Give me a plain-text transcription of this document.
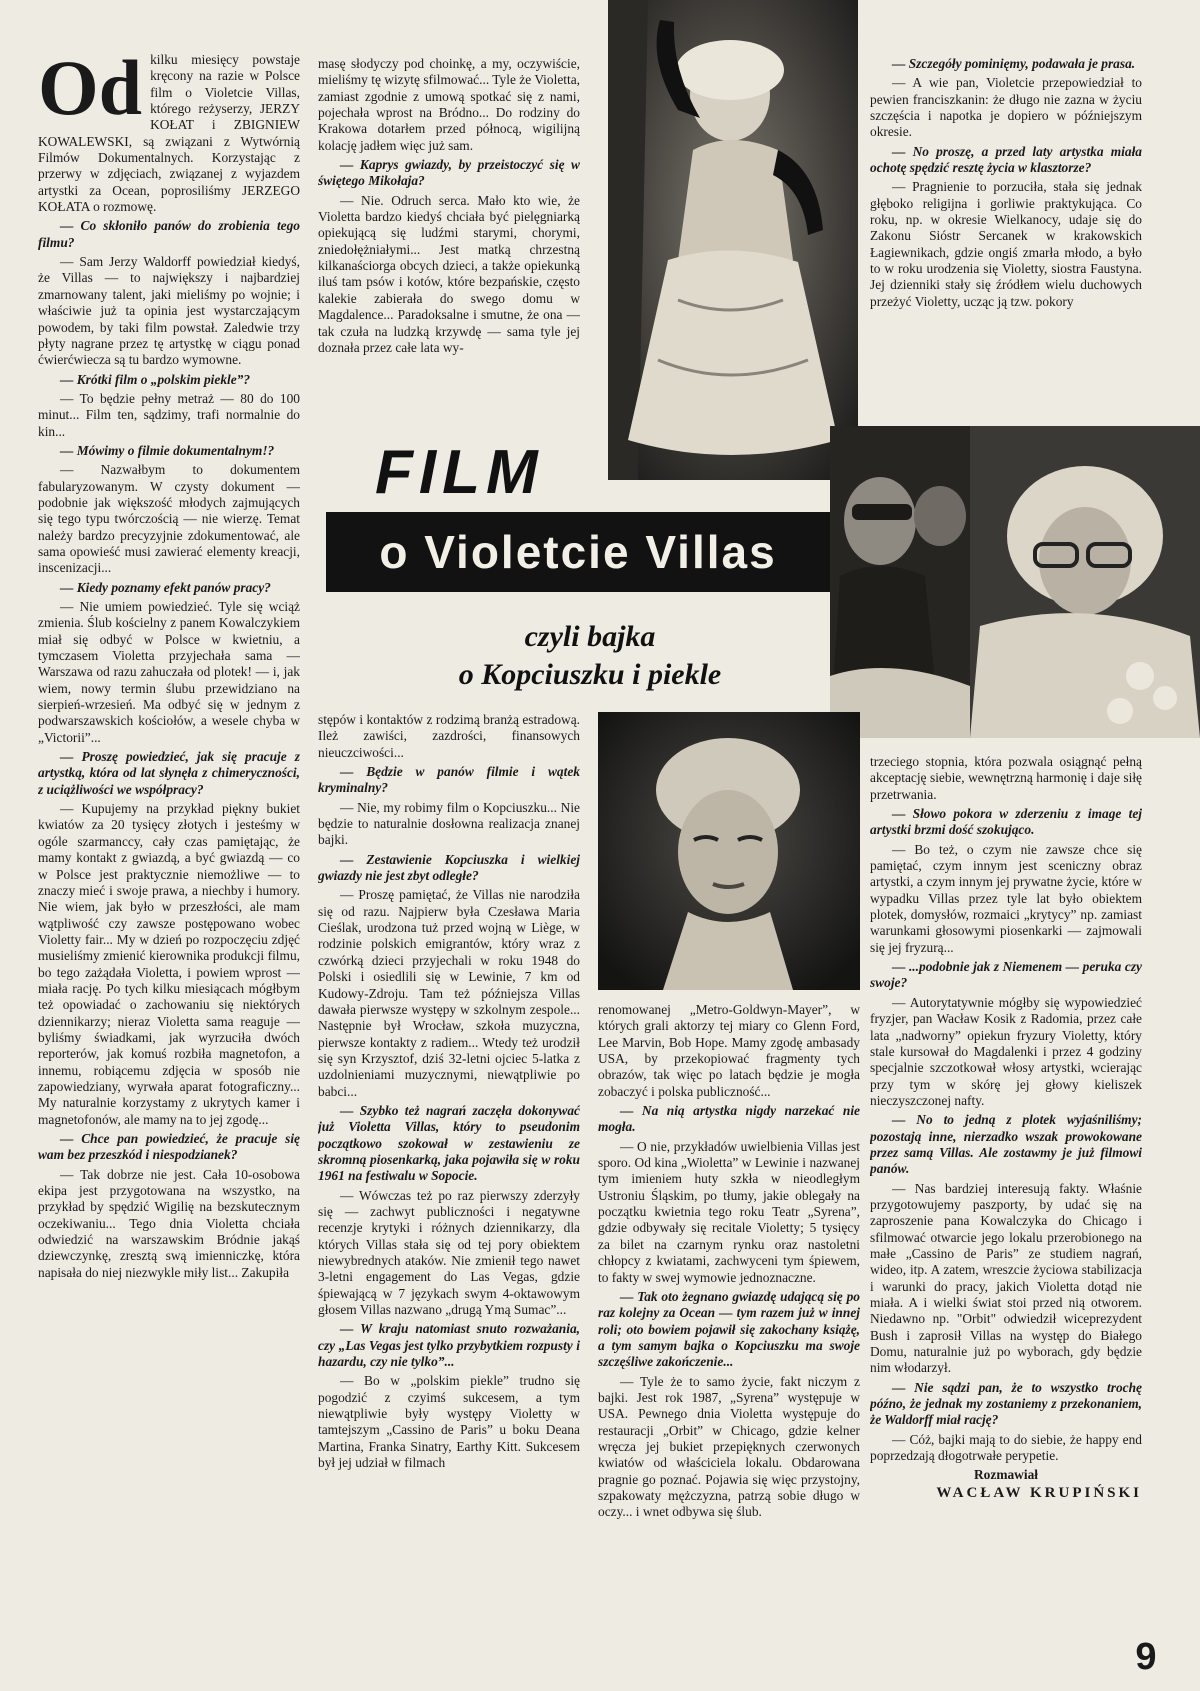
Od kilku miesięcy powstaje kręcony na razie w Polsce film o Violetcie Villas, którego reżyserzy, JERZY KOŁAT i ZBIGNIEW KOWALEWSKI, są związani z Wytwórnią Filmów Dokumentalnych. Korzystając z przerwy w zdjęciach, związanej z wyjazdem artystki za Ocean, poprosiliśmy JERZEGO KOŁATA o rozmowę.

— Co skłoniło panów do zrobienia tego filmu?

— Sam Jerzy Waldorff powiedział kiedyś, że Villas — to największy i najbardziej zmarnowany talent, jaki mieliśmy po wojnie; i właściwie już ta opinia jest wystarczającym powodem, by taki film powstał. Zaledwie trzy płyty nagrane przez tę artystkę w ciągu ponad ćwierćwiecza są tu bardzo wymowne.

— Krótki film o „polskim piekle”?

— To będzie pełny metraż — 80 do 100 minut... Film ten, sądzimy, trafi normalnie do kin...

— Mówimy o filmie dokumentalnym!?

— Nazwałbym to dokumentem fabularyzowanym. W czysty dokument — podobnie jak większość młodych zajmujących się tego typu twórczością — nie wierzę. Temat należy bardzo precyzyjnie zdokumentować, ale sama opowieść musi zawierać elementy kreacji, inscenizacji...

— Kiedy poznamy efekt panów pracy?

— Nie umiem powiedzieć. Tyle się wciąż zmienia. Ślub kościelny z panem Kowalczykiem miał się odbyć w Polsce w kwietniu, a tymczasem Violetta przyjechała sama — Warszawa od razu zahuczała od plotek! — i, jak wiem, nowy termin ślubu przewidziano na sierpień-wrzesień. Ma odbyć się w jednym z podwarszawskich kościołów, a wesele chyba w „Victorii”...

— Proszę powiedzieć, jak się pracuje z artystką, która od lat słynęła z chimeryczności, z uciążliwości we współpracy?

— Kupujemy na przykład piękny bukiet kwiatów za 20 tysięcy złotych i jesteśmy w ogóle szarmanccy, cały czas pamiętając, że mamy kontakt z gwiazdą, a być gwiazdą — co w Polsce jest praktycznie niemożliwe — to znaczy mieć i swoje prawa, a niechby i humory. Nie wiem, jak było w przeszłości, ale mam wątpliwość czy zawsze postępowano wobec Violetty fair... My w dzień po rozpoczęciu zdjęć musieliśmy zmienić kierownika produkcji filmu, bo tego zażądała Violetta, i powiem wprost — miała rację. Po tych kilku miesiącach mógłbym też opowiadać o zachowaniu się niektórych dziennikarzy; nieraz Violetta sama reaguje — byliśmy świadkami, jak wyrzuciła dwóch reporterów, jak komuś rozbiła magnetofon, a innemu, robiącemu zdjęcia w sposób nie zapowiedziany, wyrwała aparat fotograficzny... My naturalnie korzystamy z ukrytych kamer i magnetofonów, ale mamy na to jej zgodę...

— Chce pan powiedzieć, że pracuje się wam bez przeszkód i niespodzianek?

— Tak dobrze nie jest. Cała 10-osobowa ekipa jest przygotowana na wszystko, na przykład by spędzić Wigilię na bezskutecznym oczekiwaniu... Tego dnia Violetta chciała odwiedzić na warszawskim Bródnie jakąś dziewczynkę, zresztą swą imienniczkę, która napisała do niej niezwykle miły list... Zakupiła

masę słodyczy pod choinkę, a my, oczywiście, mieliśmy tę wizytę sfilmować... Tyle że Violetta, zamiast zgodnie z umową spotkać się z nami, pojechała wprost na Bródno... Do rodziny do Krakowa dotarłem przed północą, wigilijną kolację jadłem więc już sam.

— Kaprys gwiazdy, by przeistoczyć się w świętego Mikołaja?

— Nie. Odruch serca. Mało kto wie, że Violetta bardzo kiedyś chciała być pielęgniarką opiekującą się ludźmi starymi, chorymi, zniedołężniałymi... Jest matką chrzestną kilkanaściorga obcych dzieci, a także opiekunką iluś tam psów i kotów, które bezpańskie, często kalekie zabierała do swego domu w Magdalence... Paradoksalne i smutne, że ona — tak czuła na ludzką krzywdę — sama tyle jej doznała przez całe lata wy-

stępów i kontaktów z rodzimą branżą estradową. Ileż zawiści, zazdrości, finansowych nieuczciwości...

— Będzie w panów filmie i wątek kryminalny?

— Nie, my robimy film o Kopciuszku... Nie będzie to naturalnie dosłowna realizacja znanej bajki.

— Zestawienie Kopciuszka i wielkiej gwiazdy nie jest zbyt odległe?

— Proszę pamiętać, że Villas nie narodziła się od razu. Najpierw była Czesława Maria Cieślak, urodzona tuż przed wojną w Liège, w rodzinie polskich emigrantów, który wraz z czwórką dzieci przyjechali w roku 1948 do Polski i osiedlili się w Lewinie, 7 km od Kudowy-Zdroju. Tam też późniejsza Villas dawała pierwsze występy w szkolnym zespole... Następnie był Wrocław, szkoła muzyczna, pierwsze kontakty z radiem... Wtedy też urodził się syn Krzysztof, dziś 32-letni ojciec 5-latka z uzdolnieniami muzycznymi, niewątpliwie po babci...

— Szybko też nagrań zaczęła dokonywać już Violetta Villas, który to pseudonim początkowo szokował w zestawieniu ze skromną piosenkarką, jaka pojawiła się w roku 1961 na festiwalu w Sopocie.

— Wówczas też po raz pierwszy zderzyły się — zachwyt publiczności i negatywne recenzje krytyki i różnych dziennikarzy, dla których Villas stała się od tej pory obiektem niewybrednych ataków. Nie zmienił tego nawet 3-letni engagement do Las Vegas, gdzie śpiewającą w 7 językach swym 4-oktawowym głosem Villas nazwano „drugą Ymą Sumac”...

— W kraju natomiast snuto rozważania, czy „Las Vegas jest tylko przybytkiem rozpusty i hazardu, czy nie tylko”...

— Bo w „polskim piekle” trudno się pogodzić z czyimś sukcesem, a tym niewątpliwie były występy Violetty w tamtejszym „Cassino de Paris” u boku Deana Martina, Franka Sinatry, Earthy Kitt. Sukcesem był jej udział w filmach

renomowanej „Metro-Goldwyn-Mayer”, w których grali aktorzy tej miary co Glenn Ford, Lee Marvin, Bob Hope. Mamy zgodę ambasady USA, by przekopiować fragmenty tych obrazów, tak więc po latach będzie je mogła zobaczyć i polska publiczność...

— Na nią artystka nigdy narzekać nie mogła.

— O nie, przykładów uwielbienia Villas jest sporo. Od kina „Wioletta” w Lewinie i nazwanej tym imieniem huty szkła w nieodległym Ustroniu Śląskim, po tłumy, jakie oblegały na początku kwietnia tego roku Teatr „Syrena”, gdzie odbywały się recitale Violetty; 5 tysięcy za bilet na czarnym rynku oraz nastoletni chłopcy z kwiatami, zachwyceni tym śpiewem, to fakty w swej wymowie jednoznaczne.

— Tak oto żegnano gwiazdę udającą się po raz kolejny za Ocean — tym razem już w innej roli; oto bowiem pojawił się zakochany książę, a tym samym bajka o Kopciuszku ma swoje szczęśliwe zakończenie...

— Tyle że to samo życie, fakt niczym z bajki. Jest rok 1987, „Syrena” występuje w USA. Pewnego dnia Violetta występuje do restauracji „Orbit” w Chicago, gdzie kelner wręcza jej bukiet przepięknych czerwonych kwiatów od właściciela lokalu. Obdarowana pragnie go poznać. Pojawia się więc przystojny, szpakowaty mężczyzna, patrzą sobie długo w oczy... i wnet odbywa się ślub.

— Szczegóły pominięmy, podawała je prasa.

— A wie pan, Violetcie przepowiedział to pewien franciszkanin: że długo nie zazna w życiu szczęścia i napotka je dopiero w późniejszym okresie.

— No proszę, a przed laty artystka miała ochotę spędzić resztę życia w klasztorze?

— Pragnienie to porzuciła, stała się jednak głęboko religijna i gorliwie praktykująca. Co roku, np. w okresie Wielkanocy, udaje się do Zakonu Sióstr Sercanek w krakowskich Łagiewnikach, gdzie ongiś zmarła młodo, a było to w roku urodzenia się Violetty, siostra Faustyna. Jej dzienniki stały się źródłem wielu duchowych przeżyć Violetty, ucząc ją tzw. pokory

trzeciego stopnia, która pozwala osiągnąć pełną akceptację siebie, wewnętrzną harmonię i daje siłę przetrwania.

— Słowo pokora w zderzeniu z image tej artystki brzmi dość szokująco.

— Bo też, o czym nie zawsze chce się pamiętać, czym innym jest sceniczny obraz artystki, a czym innym jej prywatne życie, które w wypadku Villas przez tyle lat było obiektem plotek, domysłów, rozmaici „krytycy” np. zamiast warunkami głosowymi piosenkarki — zajmowali się jej fryzurą...

— ...podobnie jak z Niemenem — peruka czy swoje?

— Autorytatywnie mógłby się wypowiedzieć fryzjer, pan Wacław Kosik z Radomia, przez całe lata „nadworny” opiekun fryzury Violetty, który stale kursował do Magdalenki i przez 4 godziny specjalnie szczotkował włosy artystki, wcierając przy tym w skórę jej głowy kieliszek nieczyszczonej nafty.

— No to jedną z plotek wyjaśniliśmy; pozostają inne, nierzadko wszak prowokowane przez samą Villas. Ale zostawmy je już filmowi panów.

— Nas bardziej interesują fakty. Właśnie przygotowujemy paszporty, by udać się na zaproszenie pana Kowalczyka do Chicago i sfilmować otwarcie jego lokalu przerobionego na małe „Cassino de Paris” ze studiem nagrań, wideo, itp. A zatem, wreszcie życiowa stabilizacja i warunki do pracy, jakich Violetta dotąd nie miała. A i wielki świat stoi przed nią otworem. Niedawno np. "Orbit" odwiedził wiceprezydent Bush i zaprosił Villas na występ do Białego Domu, naturalnie już po wyborach, gdy będzie nim włodarzył.

— Nie sądzi pan, że to wszystko trochę późno, że jednak my zostaniemy z przekonaniem, że Waldorff miał rację?

— Cóż, bajki mają to do siebie, że happy end poprzedzają dłogotrwałe perypetie.

Rozmawiał
WACŁAW KRUPIŃSKI
FILM
o Violetcie Villas
czyli bajka
o Kopciuszku i piekle
9
